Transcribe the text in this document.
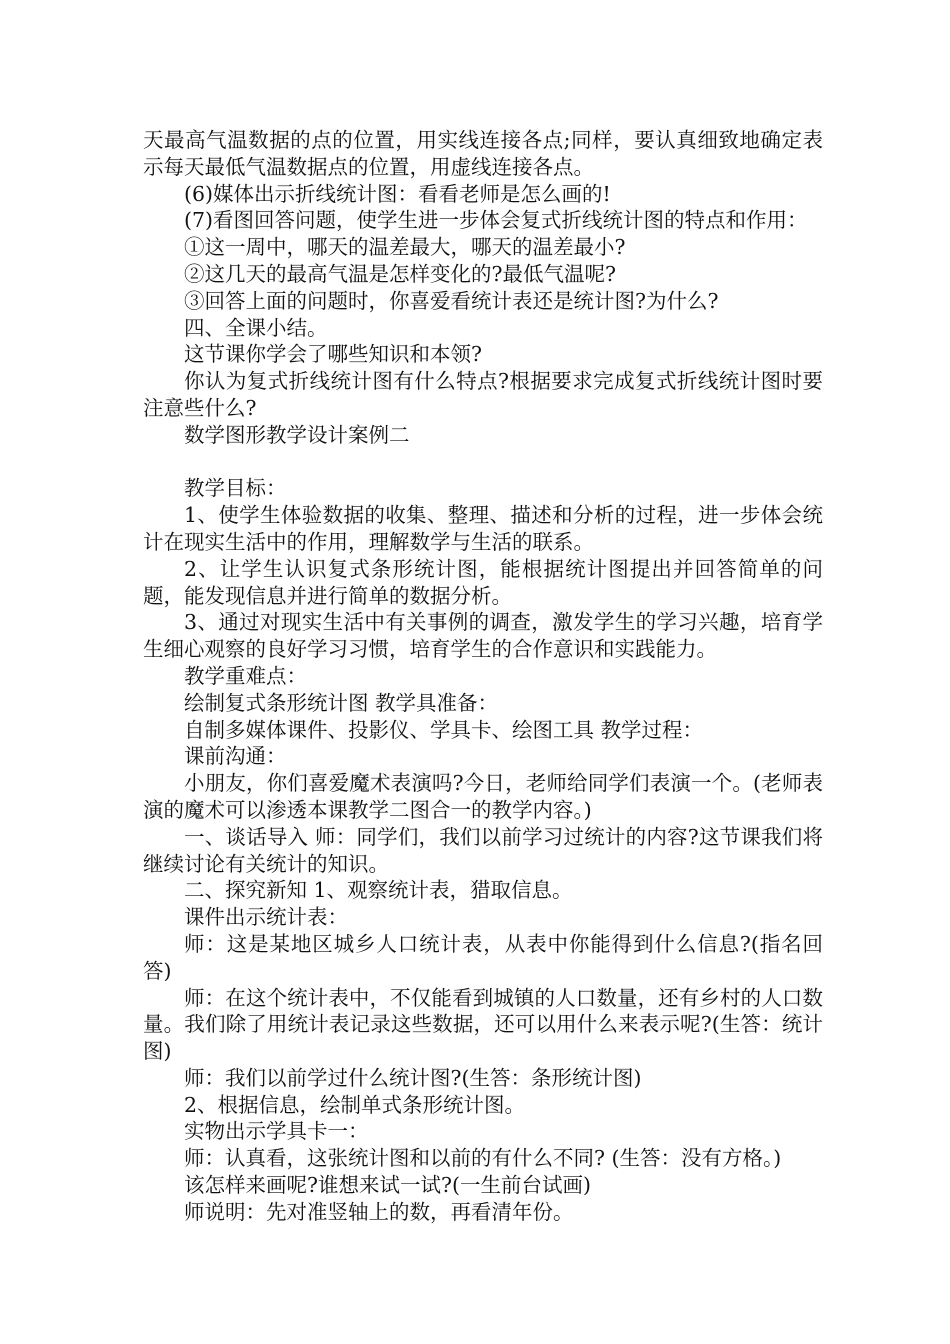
天最高气温数据的点的位置，用实线连接各点;同样，要认真细致地确定表示每天最低气温数据点的位置，用虚线连接各点。

(6)媒体出示折线统计图：看看老师是怎么画的!

(7)看图回答问题，使学生进一步体会复式折线统计图的特点和作用：

①这一周中，哪天的温差最大，哪天的温差最小?

②这几天的最高气温是怎样变化的?最低气温呢?

③回答上面的问题时，你喜爱看统计表还是统计图?为什么?

四、全课小结。

这节课你学会了哪些知识和本领?

你认为复式折线统计图有什么特点?根据要求完成复式折线统计图时要注意些什么?

数学图形教学设计案例二

教学目标：

1、使学生体验数据的收集、整理、描述和分析的过程，进一步体会统计在现实生活中的作用，理解数学与生活的联系。

2、让学生认识复式条形统计图，能根据统计图提出并回答简单的问题，能发现信息并进行简单的数据分析。

3、通过对现实生活中有关事例的调查，激发学生的学习兴趣，培育学生细心观察的良好学习习惯，培育学生的合作意识和实践能力。

教学重难点：

绘制复式条形统计图 教学具准备：

自制多媒体课件、投影仪、学具卡、绘图工具 教学过程：

课前沟通：

小朋友，你们喜爱魔术表演吗?今日，老师给同学们表演一个。(老师表演的魔术可以渗透本课教学二图合一的教学内容。)

一、谈话导入 师：同学们，我们以前学习过统计的内容?这节课我们将继续讨论有关统计的知识。

二、探究新知 1、观察统计表，猎取信息。

课件出示统计表：

师：这是某地区城乡人口统计表，从表中你能得到什么信息?(指名回答)

师：在这个统计表中，不仅能看到城镇的人口数量，还有乡村的人口数量。我们除了用统计表记录这些数据，还可以用什么来表示呢?(生答：统计图)

师：我们以前学过什么统计图?(生答：条形统计图)

2、根据信息，绘制单式条形统计图。

实物出示学具卡一：

师：认真看，这张统计图和以前的有什么不同? (生答：没有方格。)

该怎样来画呢?谁想来试一试?(一生前台试画)

师说明：先对准竖轴上的数，再看清年份。
